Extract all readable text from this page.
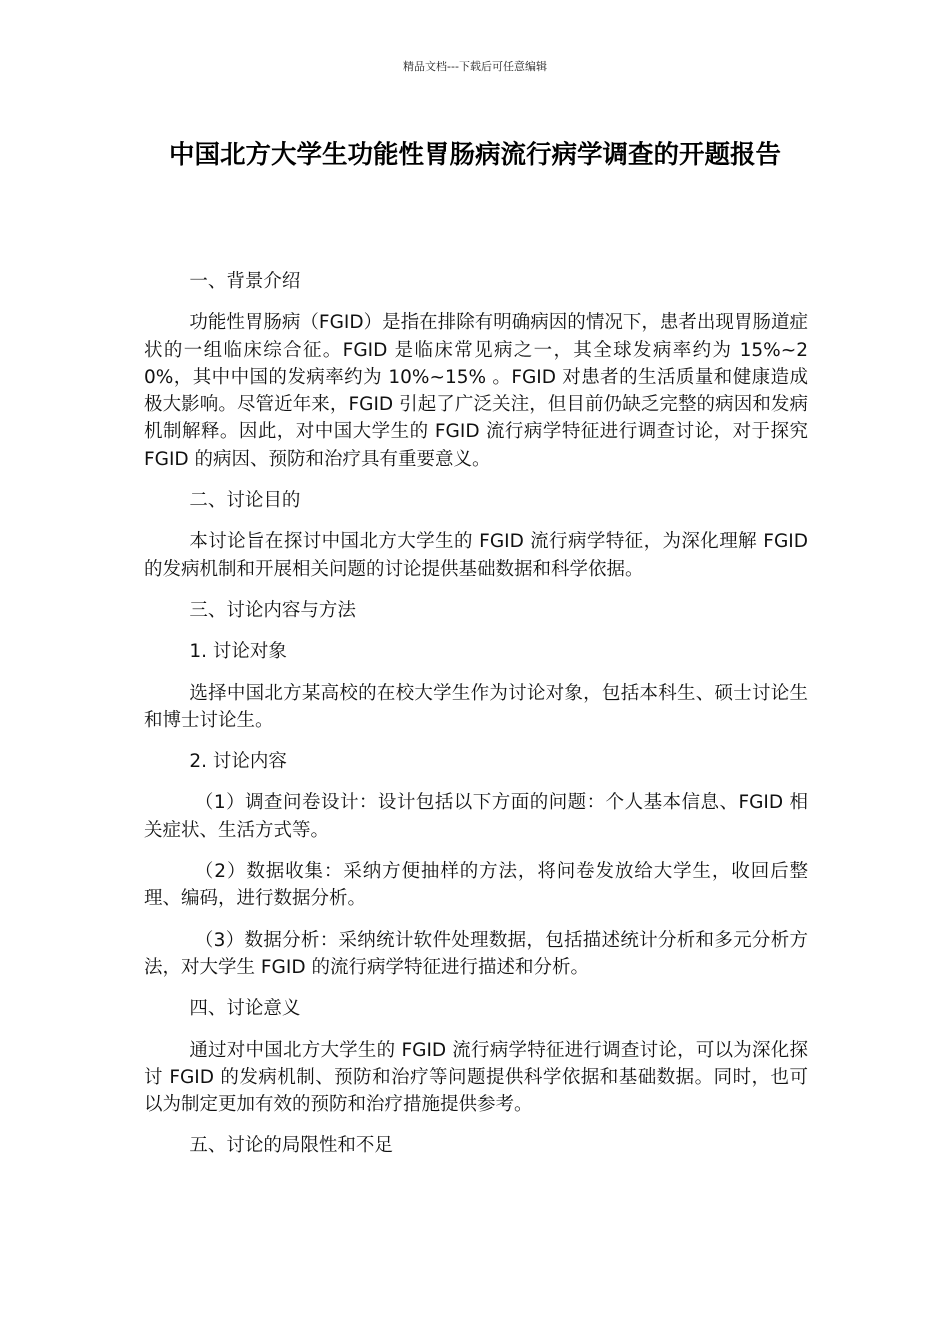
精品文档---下载后可任意编辑
中国北方大学生功能性胃肠病流行病学调查的开题报告

一、背景介绍

功能性胃肠病（FGID）是指在排除有明确病因的情况下，患者出现胃肠道症状的一组临床综合征。FGID 是临床常见病之一，其全球发病率约为 15%~20%，其中中国的发病率约为 10%~15% 。FGID 对患者的生活质量和健康造成极大影响。尽管近年来，FGID 引起了广泛关注，但目前仍缺乏完整的病因和发病机制解释。因此，对中国大学生的 FGID 流行病学特征进行调查讨论，对于探究 FGID 的病因、预防和治疗具有重要意义。

二、讨论目的

本讨论旨在探讨中国北方大学生的 FGID 流行病学特征，为深化理解 FGID 的发病机制和开展相关问题的讨论提供基础数据和科学依据。

三、讨论内容与方法

1. 讨论对象

选择中国北方某高校的在校大学生作为讨论对象，包括本科生、硕士讨论生和博士讨论生。

2. 讨论内容

（1）调查问卷设计：设计包括以下方面的问题：个人基本信息、FGID 相关症状、生活方式等。

（2）数据收集：采纳方便抽样的方法，将问卷发放给大学生，收回后整理、编码，进行数据分析。

（3）数据分析：采纳统计软件处理数据，包括描述统计分析和多元分析方法，对大学生 FGID 的流行病学特征进行描述和分析。

四、讨论意义

通过对中国北方大学生的 FGID 流行病学特征进行调查讨论，可以为深化探讨 FGID 的发病机制、预防和治疗等问题提供科学依据和基础数据。同时，也可以为制定更加有效的预防和治疗措施提供参考。

五、讨论的局限性和不足
